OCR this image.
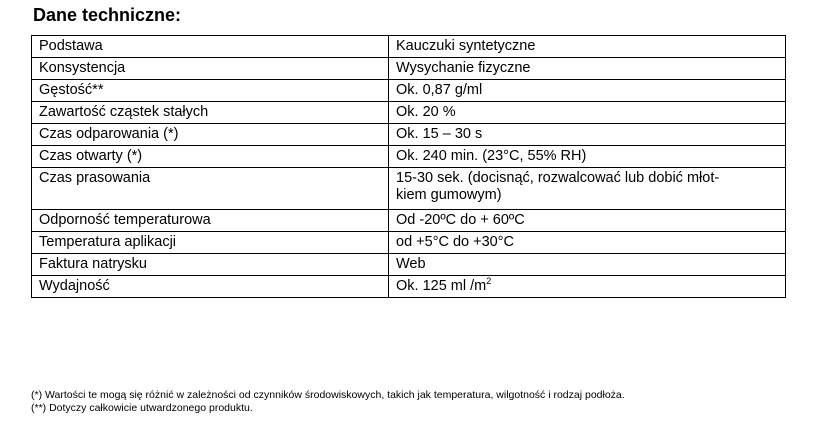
Dane techniczne:
Podstawa	Kauczuki syntetyczne
Konsystencja	Wysychanie fizyczne
Gęstość**	Ok. 0,87 g/ml
Zawartość cząstek stałych	Ok. 20 %
Czas odparowania (*)	Ok. 15 – 30 s
Czas otwarty (*)	Ok. 240 min. (23°C, 55% RH)
Czas prasowania	15-30 sek. (docisnąć, rozwalcować lub dobić młot-
kiem gumowym)

Odporność temperaturowa	Od -20ºC do + 60ºC
Temperatura aplikacji	od +5°C do +30°C
Faktura natrysku	Web
Wydajność	Ok. 125 ml $/m^2$
(*) Wartości te mogą się różnić w zależności od czynników środowiskowych, takich jak temperatura, wilgotność i rodzaj podłoża.
(**) Dotyczy całkowicie utwardzonego produktu.
